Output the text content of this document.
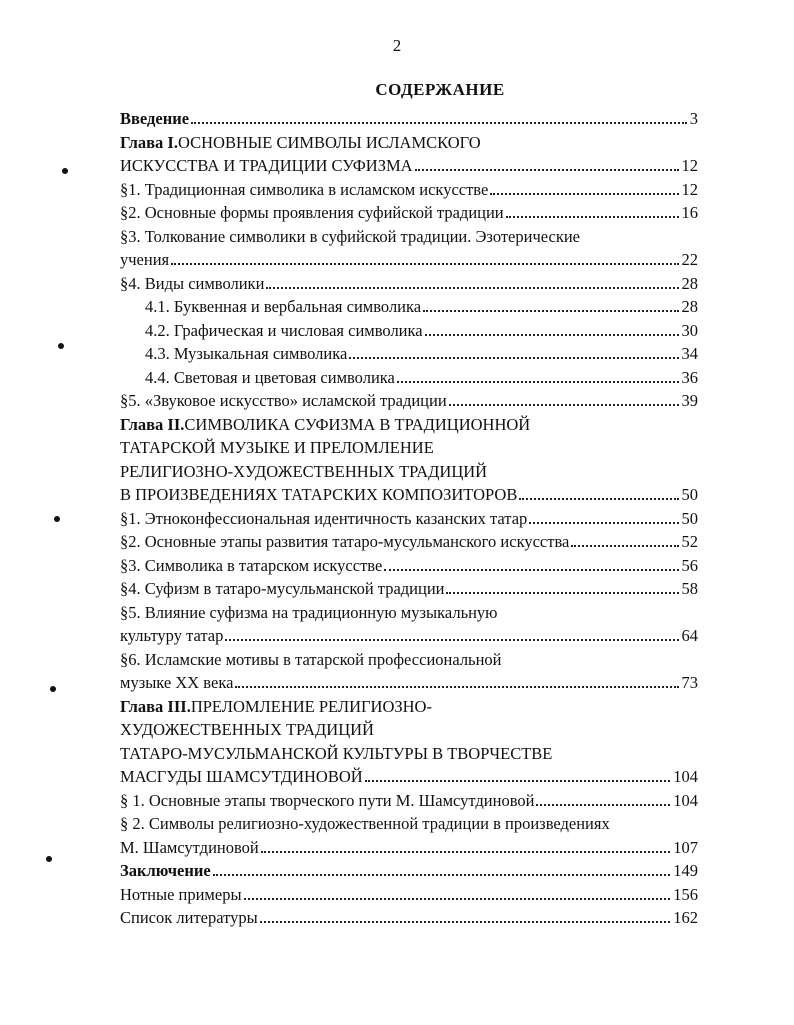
2
СОДЕРЖАНИЕ
Введение	3
Глава I. ОСНОВНЫЕ СИМВОЛЫ ИСЛАМСКОГО
ИСКУССТВА И ТРАДИЦИИ СУФИЗМА	12
§1. Традиционная символика в исламском искусстве	12
§2. Основные формы проявления суфийской традиции	16
§3. Толкование символики в суфийской традиции. Эзотерические
учения	22
§4. Виды символики	28
4.1. Буквенная и вербальная символика	28
4.2. Графическая и числовая символика	30
4.3. Музыкальная символика	34
4.4. Световая и цветовая символика	36
§5. «Звуковое искусство» исламской традиции	39
Глава II. СИМВОЛИКА СУФИЗМА В ТРАДИЦИОННОЙ
ТАТАРСКОЙ МУЗЫКЕ И ПРЕЛОМЛЕНИЕ
РЕЛИГИОЗНО-ХУДОЖЕСТВЕННЫХ ТРАДИЦИЙ
В ПРОИЗВЕДЕНИЯХ ТАТАРСКИХ КОМПОЗИТОРОВ	50
§1. Этноконфессиональная идентичность казанских татар	50
§2. Основные этапы развития татаро-мусульманского искусства	52
§3. Символика в татарском искусстве	56
§4. Суфизм в татаро-мусульманской традиции	58
§5. Влияние суфизма на традиционную музыкальную
культуру татар	64
§6. Исламские мотивы в татарской профессиональной
музыке XX века	73
Глава III. ПРЕЛОМЛЕНИЕ РЕЛИГИОЗНО-
ХУДОЖЕСТВЕННЫХ ТРАДИЦИЙ
ТАТАРО-МУСУЛЬМАНСКОЙ КУЛЬТУРЫ В ТВОРЧЕСТВЕ
МАСГУДЫ ШАМСУТДИНОВОЙ	104
§ 1. Основные этапы творческого пути М. Шамсутдиновой	104
§ 2. Символы религиозно-художественной традиции в произведениях
М. Шамсутдиновой	107
Заключение	149
Нотные примеры	156
Список литературы	162
